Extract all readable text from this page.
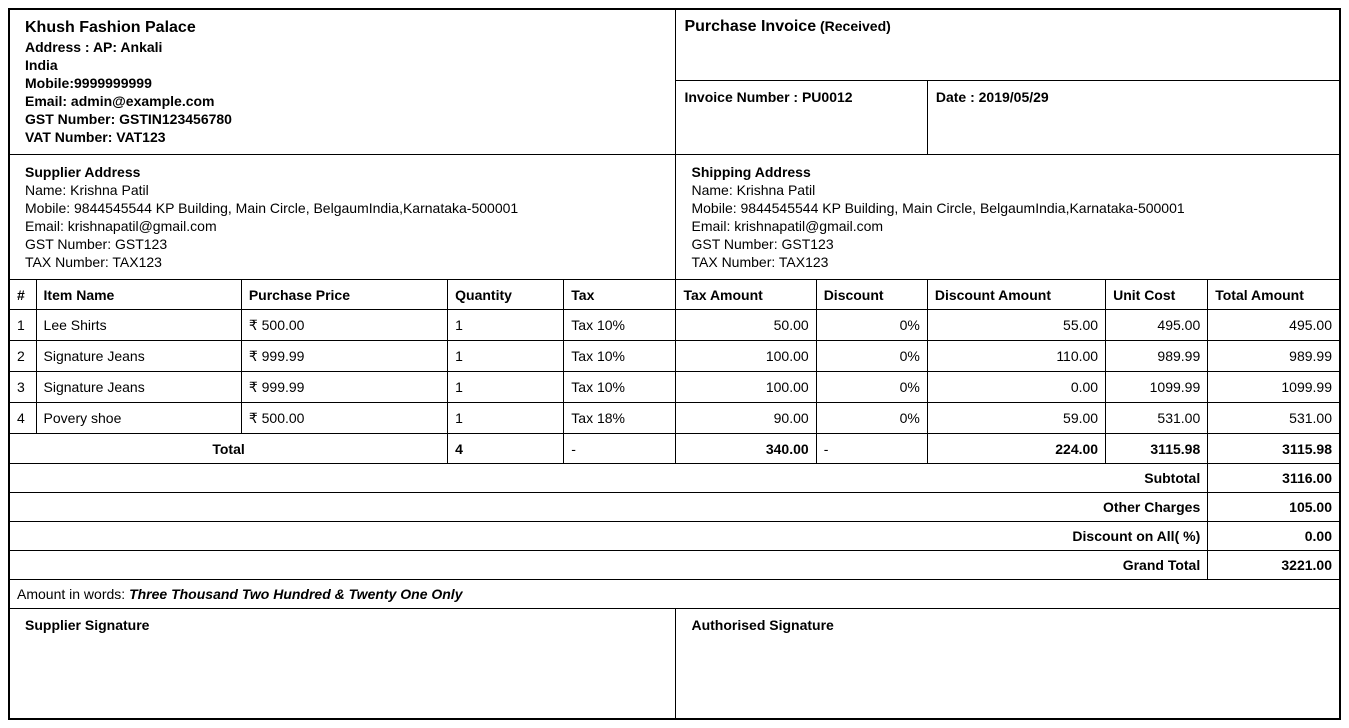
Khush Fashion Palace
Address : AP: Ankali
India
Mobile:9999999999
Email: admin@example.com
GST Number: GSTIN123456780
VAT Number: VAT123
	Purchase Invoice (Received)
					Invoice Number : PU0012		Date : 2019/05/29		

Supplier Address
Name: Krishna Patil
Mobile: 9844545544 KP Building, Main Circle, BelgaumIndia,Karnataka-500001
Email: krishnapatil@gmail.com
GST Number: GST123
TAX Number: TAX123

Shipping Address
Name: Krishna Patil
Mobile: 9844545544 KP Building, Main Circle, BelgaumIndia,Karnataka-500001
Email: krishnapatil@gmail.com
GST Number: GST123
TAX Number: TAX123

#	Item Name	Purchase Price	Quantity	Tax	Tax Amount	Discount	Discount Amount	Unit Cost	Total Amount
1	Lee Shirts	₹ 500.00	1	Tax 10%	50.00	0%	55.00	495.00	495.00
2	Signature Jeans	₹ 999.99	1	Tax 10%	100.00	0%	110.00	989.99	989.99
3	Signature Jeans	₹ 999.99	1	Tax 10%	100.00	0%	0.00	1099.99	1099.99
4	Povery shoe	₹ 500.00	1	Tax 18%	90.00	0%	59.00	531.00	531.00
Total			4	-	340.00	-	224.00	3115.98	3115.98
Subtotal									3116.00
Other Charges									105.00
Discount on All( %)									0.00
Grand Total									3221.00
Amount in words: Three Thousand Two Hundred & Twenty One Only									
Supplier Signature					Authorised Signature				
